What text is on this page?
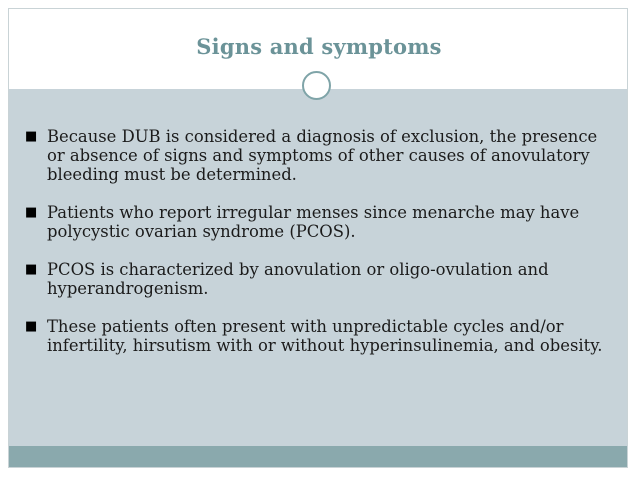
Signs and symptoms
■ Because DUB is considered a diagnosis of exclusion, the presence or absence of signs and symptoms of other causes of anovulatory bleeding must be determined.
■ Patients who report irregular menses since menarche may have polycystic ovarian syndrome (PCOS).
■ PCOS is characterized by anovulation or oligo-ovulation and hyperandrogenism.
■ These patients often present with unpredictable cycles and/or infertility, hirsutism with or without hyperinsulinemia, and obesity.
